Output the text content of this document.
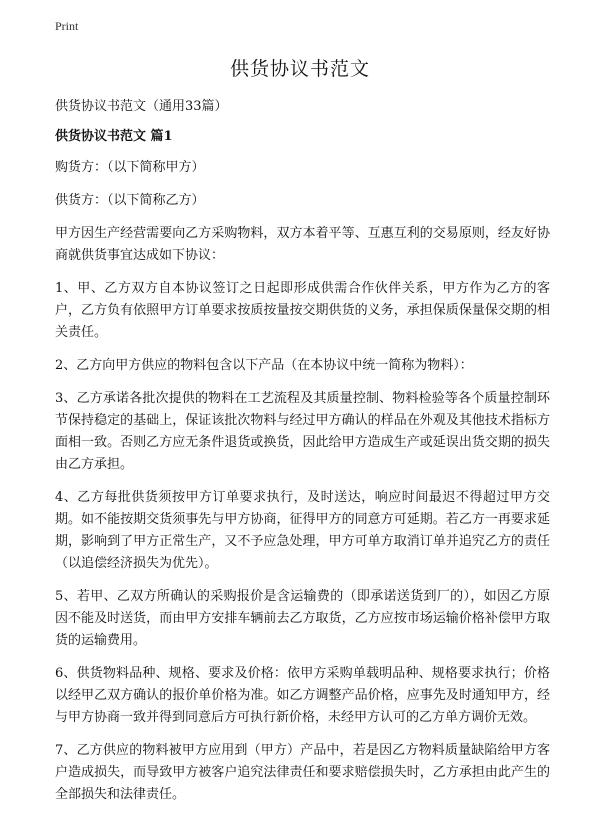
Print
供货协议书范文

供货协议书范文（通用33篇）

供货协议书范文 篇1

购货方：（以下简称甲方）

供货方：（以下简称乙方）

甲方因生产经营需要向乙方采购物料，双方本着平等、互惠互利的交易原则，经友好协商就供货事宜达成如下协议：

1、甲、乙方双方自本协议签订之日起即形成供需合作伙伴关系，甲方作为乙方的客户，乙方负有依照甲方订单要求按质按量按交期供货的义务，承担保质保量保交期的相关责任。

2、乙方向甲方供应的物料包含以下产品（在本协议中统一简称为物料）：

3、乙方承诺各批次提供的物料在工艺流程及其质量控制、物料检验等各个质量控制环节保持稳定的基础上，保证该批次物料与经过甲方确认的样品在外观及其他技术指标方面相一致。否则乙方应无条件退货或换货，因此给甲方造成生产或延误出货交期的损失由乙方承担。

4、乙方每批供货须按甲方订单要求执行，及时送达，响应时间最迟不得超过甲方交期。如不能按期交货须事先与甲方协商，征得甲方的同意方可延期。若乙方一再要求延期，影响到了甲方正常生产，又不予应急处理，甲方可单方取消订单并追究乙方的责任（以追偿经济损失为优先）。

5、若甲、乙双方所确认的采购报价是含运输费的（即承诺送货到厂的），如因乙方原因不能及时送货，而由甲方安排车辆前去乙方取货，乙方应按市场运输价格补偿甲方取货的运输费用。

6、供货物料品种、规格、要求及价格：依甲方采购单载明品种、规格要求执行；价格以经甲乙双方确认的报价单价格为准。如乙方调整产品价格，应事先及时通知甲方，经与甲方协商一致并得到同意后方可执行新价格，未经甲方认可的乙方单方调价无效。

7、乙方供应的物料被甲方应用到（甲方）产品中，若是因乙方物料质量缺陷给甲方客户造成损失，而导致甲方被客户追究法律责任和要求赔偿损失时，乙方承担由此产生的全部损失和法律责任。
